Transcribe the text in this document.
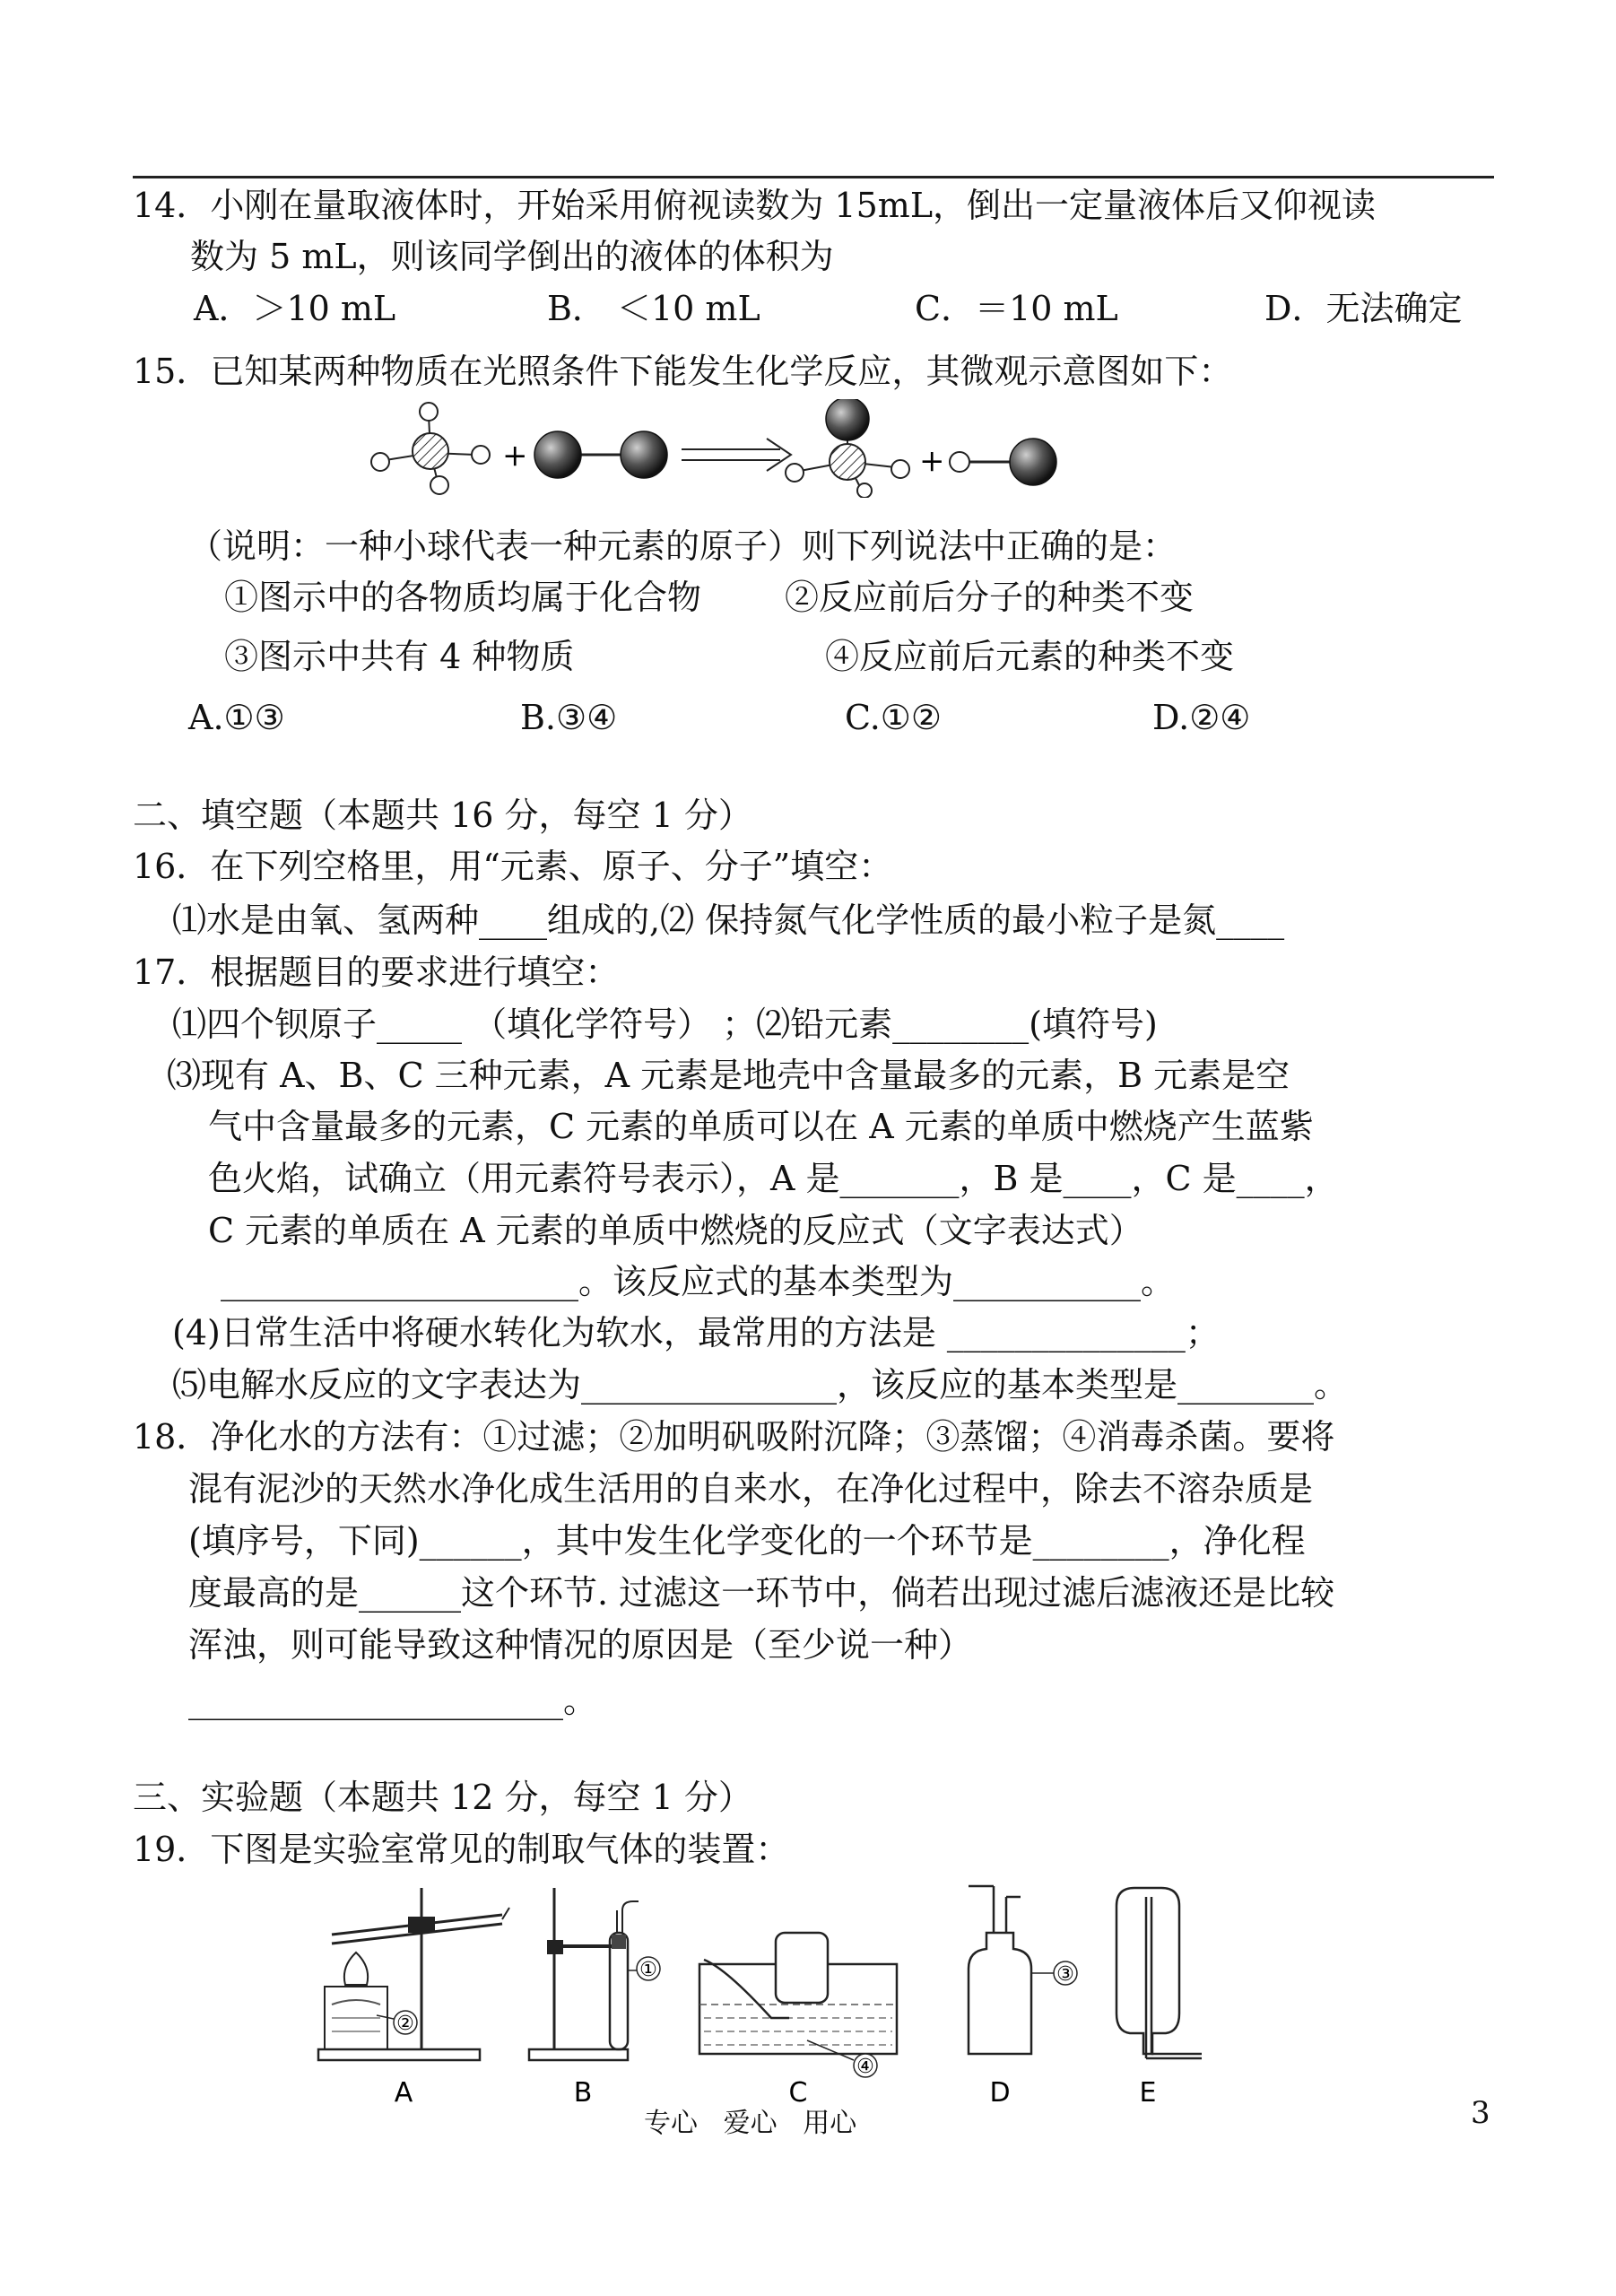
14．小刚在量取液体时，开始采用俯视读数为 15mL，倒出一定量液体后又仰视读
数为 5 mL，则该同学倒出的液体的体积为
A．＞10 mL	B． ＜10 mL	C．＝10 mL	D．无法确定
15．已知某两种物质在光照条件下能发生化学反应，其微观示意图如下：
+	+
（说明：一种小球代表一种元素的原子）则下列说法中正确的是：
①图示中的各物质均属于化合物 ②反应前后分子的种类不变
③图示中共有 4 种物质	④反应前后元素的种类不变
A.①③	B.③④	C.①②	D.②④
二、填空题（本题共 16 分，每空 1 分）
16．在下列空格里，用“元素、原子、分子”填空：
⑴水是由氧、氢两种____组成的,⑵ 保持氮气化学性质的最小粒子是氮____
17．根据题目的要求进行填空：
⑴四个钡原子_____ （填化学符号） ；⑵铅元素________(填符号)
⑶现有 A、B、C 三种元素，A 元素是地壳中含量最多的元素，B 元素是空
气中含量最多的元素，C 元素的单质可以在 A 元素的单质中燃烧产生蓝紫
色火焰，试确立（用元素符号表示），A 是_______，B 是____，C 是____，
C 元素的单质在 A 元素的单质中燃烧的反应式（文字表达式）
_____________________。该反应式的基本类型为___________。
(4)日常生活中将硬水转化为软水，最常用的方法是 ______________；
⑸电解水反应的文字表达为_______________，该反应的基本类型是________。
18．净化水的方法有：①过滤；②加明矾吸附沉降；③蒸馏；④消毒杀菌。要将
混有泥沙的天然水净化成生活用的自来水，在净化过程中，除去不溶杂质是
(填序号，下同)______，其中发生化学变化的一个环节是________，净化程
度最高的是______这个环节. 过滤这一环节中，倘若出现过滤后滤液还是比较
浑浊，则可能导致这种情况的原因是（至少说一种）
______________________。
三、实验题（本题共 12 分，每空 1 分）
19．下图是实验室常见的制取气体的装置：
②
A
①
B
④
C
③
D	E
专心   爱心   用心	3
